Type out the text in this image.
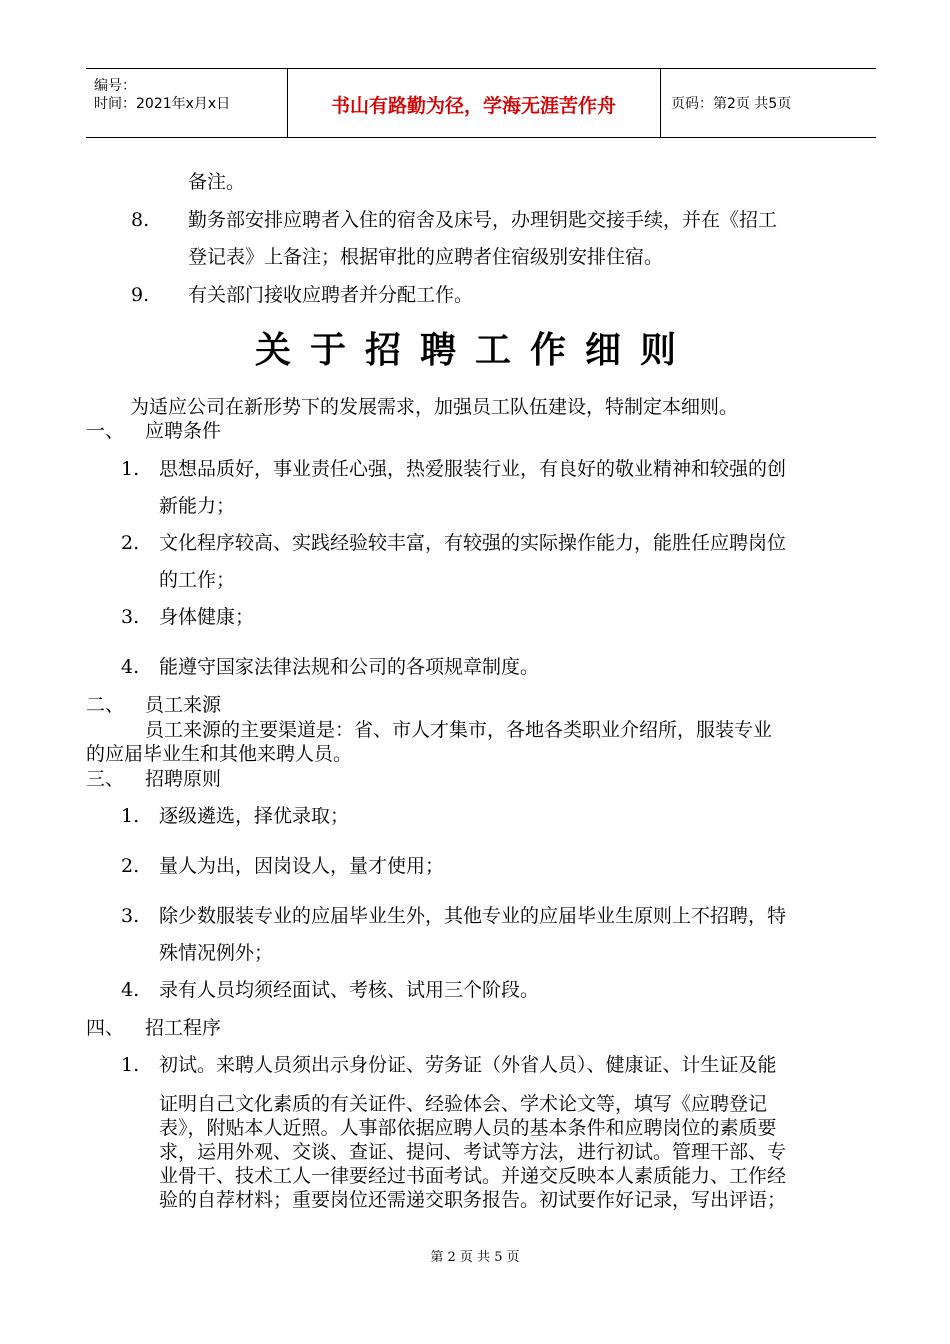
编号：
时间：2021年x月x日	书山有路勤为径，学海无涯苦作舟	页码：第2页 共5页
备注。
8. 勤务部安排应聘者入住的宿舍及床号，办理钥匙交接手续，并在《招工
登记表》上备注；根据审批的应聘者住宿级别安排住宿。
9. 有关部门接收应聘者并分配工作。
关于招聘工作细则
为适应公司在新形势下的发展需求，加强员工队伍建设，特制定本细则。
一、 应聘条件
1. 思想品质好，事业责任心强，热爱服装行业，有良好的敬业精神和较强的创
新能力；
2. 文化程序较高、实践经验较丰富，有较强的实际操作能力，能胜任应聘岗位
的工作；
3. 身体健康；
4. 能遵守国家法律法规和公司的各项规章制度。
二、 员工来源
员工来源的主要渠道是：省、市人才集市，各地各类职业介绍所，服装专业
的应届毕业生和其他来聘人员。
三、 招聘原则
1. 逐级遴选，择优录取；
2. 量人为出，因岗设人，量才使用；
3. 除少数服装专业的应届毕业生外，其他专业的应届毕业生原则上不招聘，特
殊情况例外；
4. 录有人员均须经面试、考核、试用三个阶段。
四、 招工程序
1. 初试。来聘人员须出示身份证、劳务证（外省人员）、健康证、计生证及能
证明自己文化素质的有关证件、经验体会、学术论文等，填写《应聘登记
表》，附贴本人近照。人事部依据应聘人员的基本条件和应聘岗位的素质要
求，运用外观、交谈、查证、提问、考试等方法，进行初试。管理干部、专
业骨干、技术工人一律要经过书面考试。并递交反映本人素质能力、工作经
验的自荐材料；重要岗位还需递交职务报告。初试要作好记录，写出评语；
第 2 页 共 5 页
